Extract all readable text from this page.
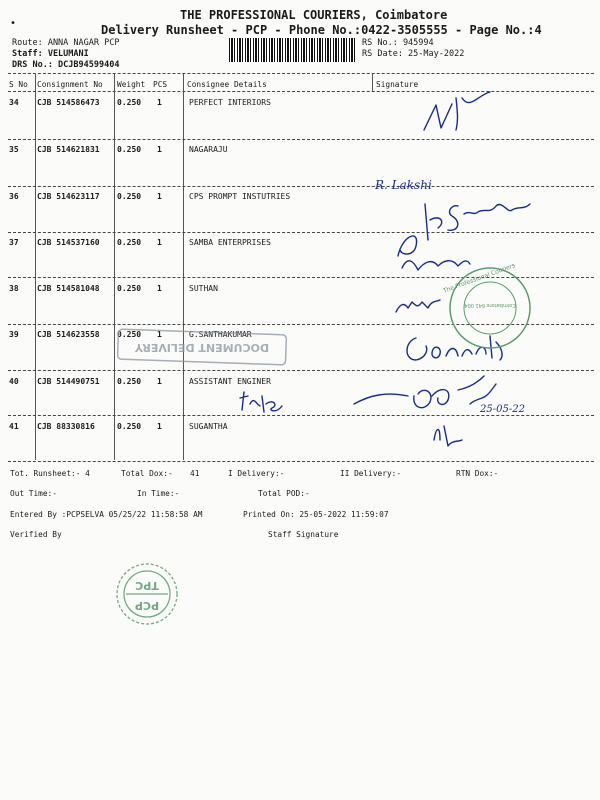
THE PROFESSIONAL COURIERS, Coimbatore
•	Delivery Runsheet - PCP - Phone No.:0422-3505555 - Page No.:4
Route: ANNA NAGAR PCP
Staff: VELUMANI
DRS No.: DCJB94599404
RS No.: 945994
RS Date: 25-May-2022
S No Consignment No Weight PCS	Consignee Details	Signature
34 CJB 514586473 0.250 1	PERFECT INTERIORS
35 CJB 514621831 0.250 1	NAGARAJU
36 CJB 514623117 0.250 1	CPS PROMPT INSTUTRIES
37 CJB 514537160 0.250 1	SAMBA ENTERPRISES
38 CJB 514581048 0.250 1	SUTHAN
39 CJB 514623558 0.250 1	G.SANTHAKUMAR
40 CJB 514490751 0.250 1	ASSISTANT ENGINER
41 CJB 88330816	0.250 1	SUGANTHA
Tot. Runsheet:- 4	Total Dox:- 41	I Delivery:-	II Delivery:-	RTN Dox:-
Out Time:-	In Time:-	Total POD:-
Entered By :PCPSELVA 05/25/22 11:58:58 AM	Printed On: 25-05-2022 11:59:07
Verified By	Staff Signature
R. Lakshi
25-05-22
The Professional Couriers
Coimbatore 641 004
DOCUMENT DELIVERY
TPC
PCP
